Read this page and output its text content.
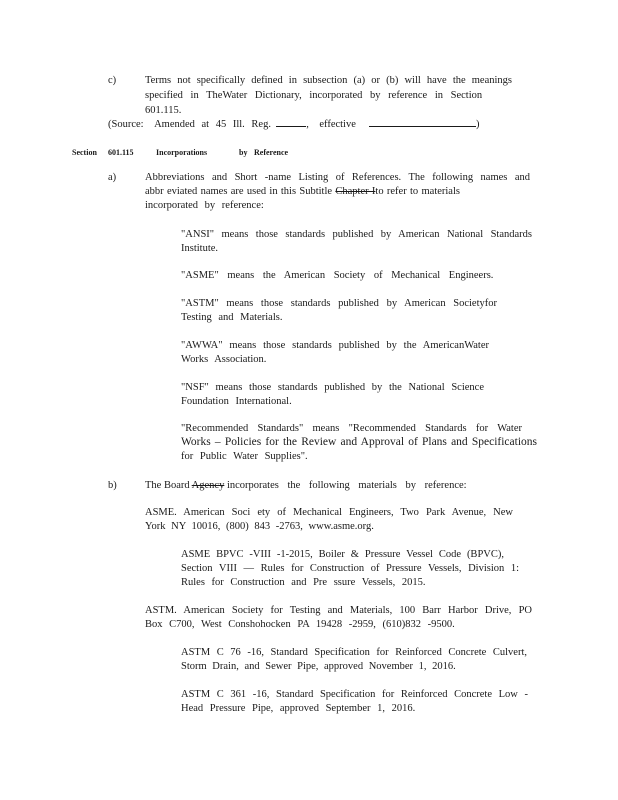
c)	Terms not specifically defined in subsection (a) or (b) will have the meanings
specified in TheWater Dictionary, incorporated by reference in Section 601.115.
(Source: Amended at 45 Ill. Reg.	,    effective	)
Section 601.115	Incorporations	by Reference
a)	Abbreviations and Short -name Listing of References. The following names and
abbr eviated names are used in this Subtitle Chapter Ito refer to materials
incorporated by reference:
"ANSI" means those standards published by American National Standards
Institute.
"ASME" means the American Society of Mechanical Engineers.
"ASTM" means those standards published by American Societyfor
Testing and Materials.
"AWWA" means those standards published by the AmericanWater
Works Association.
"NSF" means those standards published by the National Science
Foundation International.
"Recommended Standards" means "Recommended Standards for Water
Works – Policies for the Review and Approval of Plans and Specifications
for Public Water Supplies".
b)	The Board Agency incorporates the following materials by reference:
ASME. American Soci ety of Mechanical Engineers, Two Park Avenue, New
York NY 10016, (800) 843 -2763, www.asme.org.
ASME BPVC -VIII -1-2015, Boiler & Pressure Vessel Code (BPVC),
Section VIII — Rules for Construction of Pressure Vessels, Division 1:
Rules for Construction and Pre ssure Vessels, 2015.
ASTM. American Society for Testing and Materials, 100 Barr Harbor Drive, PO
Box C700, West Conshohocken PA 19428 -2959, (610)832 -9500.
ASTM C 76 -16, Standard Specification for Reinforced Concrete Culvert,
Storm Drain, and Sewer Pipe, approved November 1, 2016.
ASTM C 361 -16, Standard Specification for Reinforced Concrete Low -
Head Pressure Pipe, approved September 1, 2016.
